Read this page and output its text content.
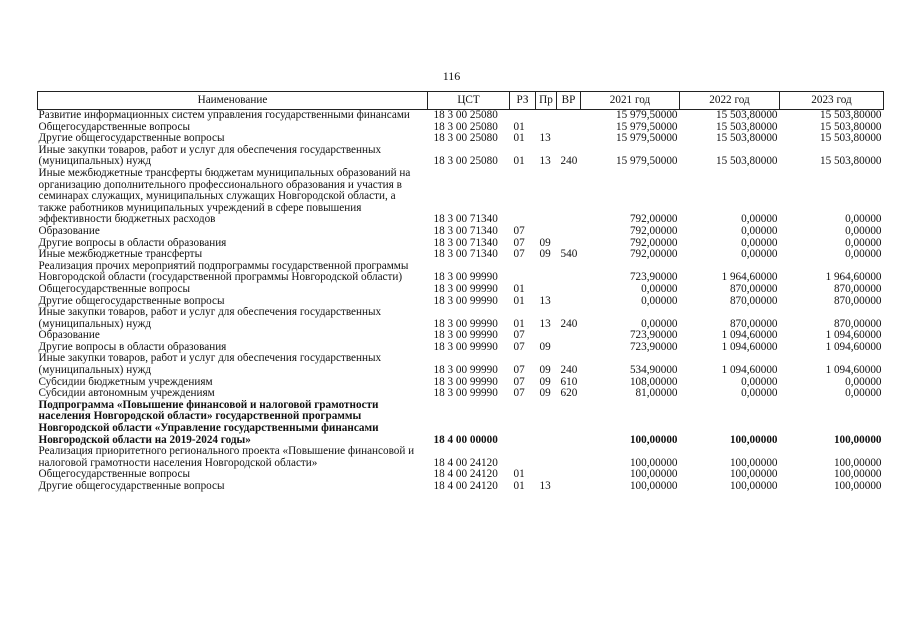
116
Наименование	ЦСТ	РЗ	Пр	ВР	2021 год	2022 год	2023 год
Развитие информационных систем управления государственными финансами	18 3 00 25080				15 979,50000	15 503,80000	15 503,80000
Общегосударственные вопросы	18 3 00 25080	01			15 979,50000	15 503,80000	15 503,80000
Другие общегосударственные вопросы	18 3 00 25080	01	13		15 979,50000	15 503,80000	15 503,80000
Иные закупки товаров, работ и услуг для обеспечения государственных (муниципальных) нужд	18 3 00 25080	01	13	240	15 979,50000	15 503,80000	15 503,80000
Иные межбюджетные трансферты бюджетам муниципальных образований на организацию дополнительного профессионального образования и участия в семинарах служащих, муниципальных служащих Новгородской области, а также работников муниципальных учреждений в сфере повышения эффективности бюджетных расходов	18 3 00 71340				792,00000	0,00000	0,00000
Образование	18 3 00 71340	07			792,00000	0,00000	0,00000
Другие вопросы в области образования	18 3 00 71340	07	09		792,00000	0,00000	0,00000
Иные межбюджетные трансферты	18 3 00 71340	07	09	540	792,00000	0,00000	0,00000
Реализация прочих мероприятий подпрограммы государственной программы Новгородской области (государственной программы Новгородской области)	18 3 00 99990				723,90000	1 964,60000	1 964,60000
Общегосударственные вопросы	18 3 00 99990	01			0,00000	870,00000	870,00000
Другие общегосударственные вопросы	18 3 00 99990	01	13		0,00000	870,00000	870,00000
Иные закупки товаров, работ и услуг для обеспечения государственных (муниципальных) нужд	18 3 00 99990	01	13	240	0,00000	870,00000	870,00000
Образование	18 3 00 99990	07			723,90000	1 094,60000	1 094,60000
Другие вопросы в области образования	18 3 00 99990	07	09		723,90000	1 094,60000	1 094,60000
Иные закупки товаров, работ и услуг для обеспечения государственных (муниципальных) нужд	18 3 00 99990	07	09	240	534,90000	1 094,60000	1 094,60000
Субсидии бюджетным учреждениям	18 3 00 99990	07	09	610	108,00000	0,00000	0,00000
Субсидии автономным учреждениям	18 3 00 99990	07	09	620	81,00000	0,00000	0,00000
Подпрограмма «Повышение финансовой и налоговой грамотности населения Новгородской области» государственной программы Новгородской области «Управление государственными финансами Новгородской области на 2019-2024 годы»	18 4 00 00000				100,00000	100,00000	100,00000
Реализация приоритетного регионального проекта «Повышение финансовой и налоговой грамотности населения Новгородской области»	18 4 00 24120				100,00000	100,00000	100,00000
Общегосударственные вопросы	18 4 00 24120	01			100,00000	100,00000	100,00000
Другие общегосударственные вопросы	18 4 00 24120	01	13		100,00000	100,00000	100,00000
